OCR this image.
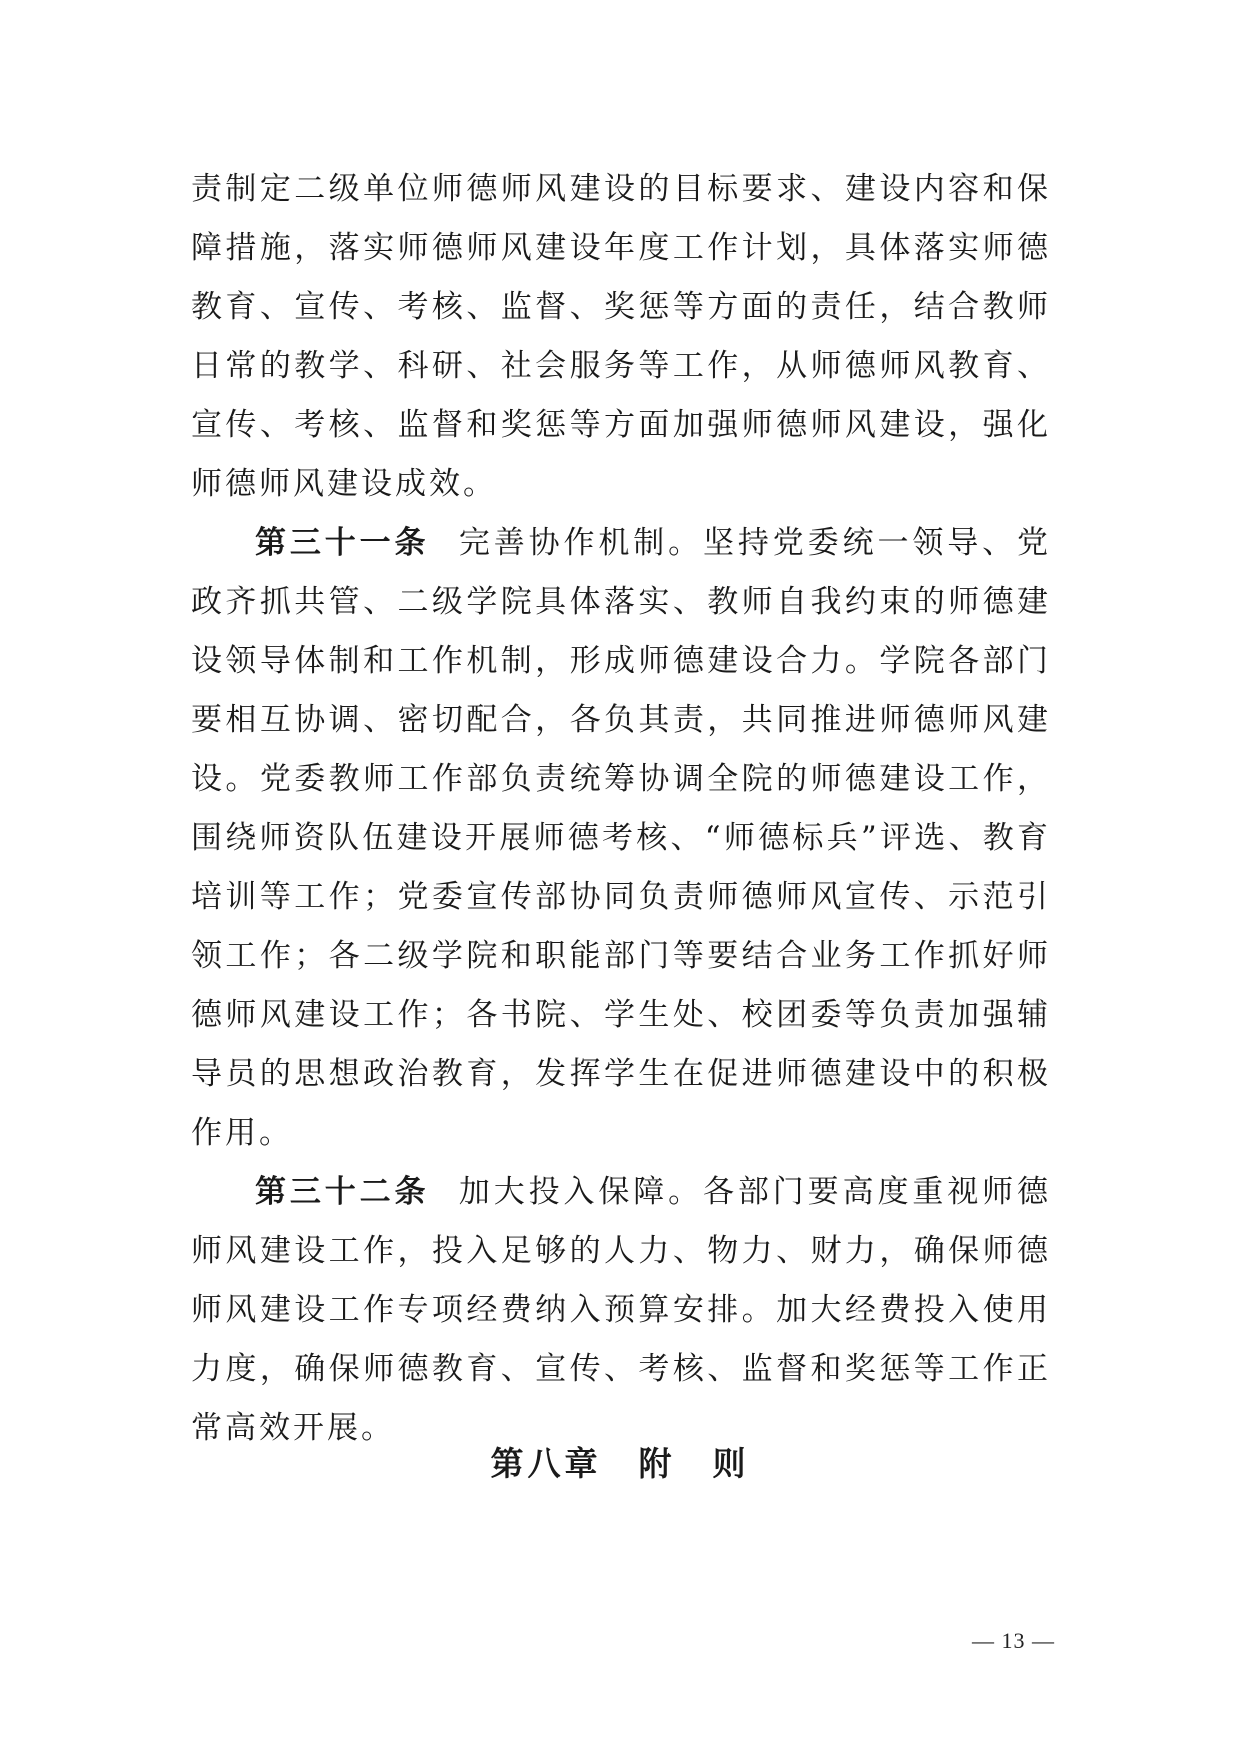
责制定二级单位师德师风建设的目标要求、建设内容和保障措施，落实师德师风建设年度工作计划，具体落实师德教育、宣传、考核、监督、奖惩等方面的责任，结合教师日常的教学、科研、社会服务等工作，从师德师风教育、宣传、考核、监督和奖惩等方面加强师德师风建设，强化师德师风建设成效。

第三十一条 完善协作机制。坚持党委统一领导、党政齐抓共管、二级学院具体落实、教师自我约束的师德建设领导体制和工作机制，形成师德建设合力。学院各部门要相互协调、密切配合，各负其责，共同推进师德师风建设。党委教师工作部负责统筹协调全院的师德建设工作，围绕师资队伍建设开展师德考核、“师德标兵”评选、教育培训等工作；党委宣传部协同负责师德师风宣传、示范引领工作；各二级学院和职能部门等要结合业务工作抓好师德师风建设工作；各书院、学生处、校团委等负责加强辅导员的思想政治教育，发挥学生在促进师德建设中的积极作用。

第三十二条 加大投入保障。各部门要高度重视师德师风建设工作，投入足够的人力、物力、财力，确保师德师风建设工作专项经费纳入预算安排。加大经费投入使用力度，确保师德教育、宣传、考核、监督和奖惩等工作正常高效开展。

第八章　附　则
— 13 —
